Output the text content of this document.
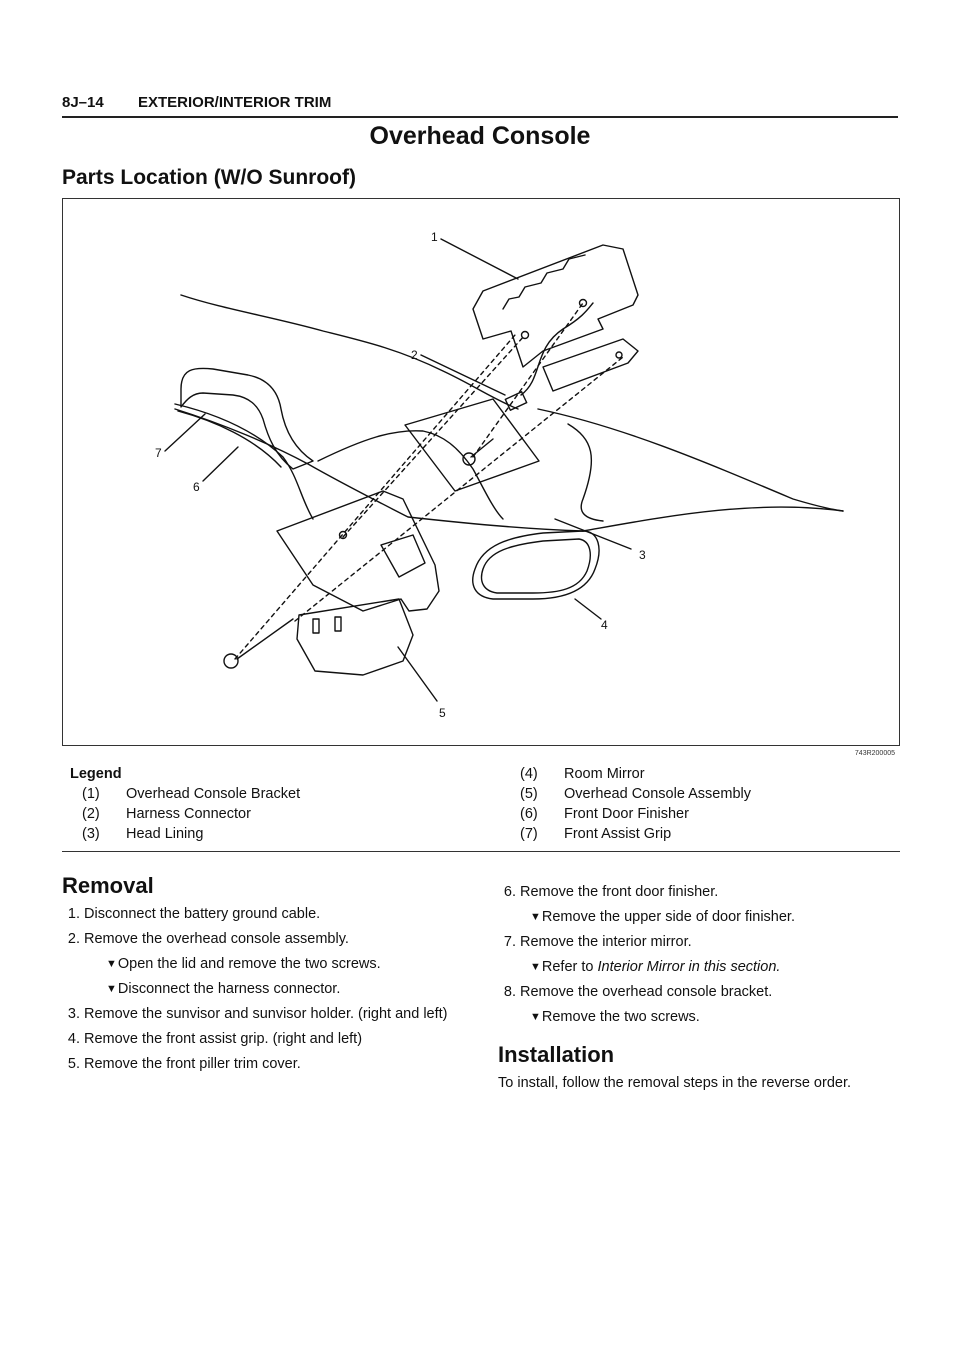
8J–14 EXTERIOR/INTERIOR TRIM
Overhead Console
Parts Location (W/O Sunroof)
1
2
3
4
5
6
7
743R200005
Legend
(1)	Overhead Console Bracket
(2)	Harness Connector
(3)	Head Lining
(4)	Room Mirror
(5)	Overhead Console Assembly
(6)	Front Door Finisher
(7)	Front Assist Grip
Removal
1. Disconnect the battery ground cable.
2. Remove the overhead console assembly.
▼ Open the lid and remove the two screws.
▼ Disconnect the harness connector.
3. Remove the sunvisor and sunvisor holder. (right and left)
4. Remove the front assist grip. (right and left)
5. Remove the front piller trim cover.
6. Remove the front door finisher.
▼ Remove the upper side of door finisher.
7. Remove the interior mirror.
▼ Refer to
Interior Mirror in this section.
8. Remove the overhead console bracket.
▼ Remove the two screws.
Installation
To install, follow the removal steps in the reverse order.
